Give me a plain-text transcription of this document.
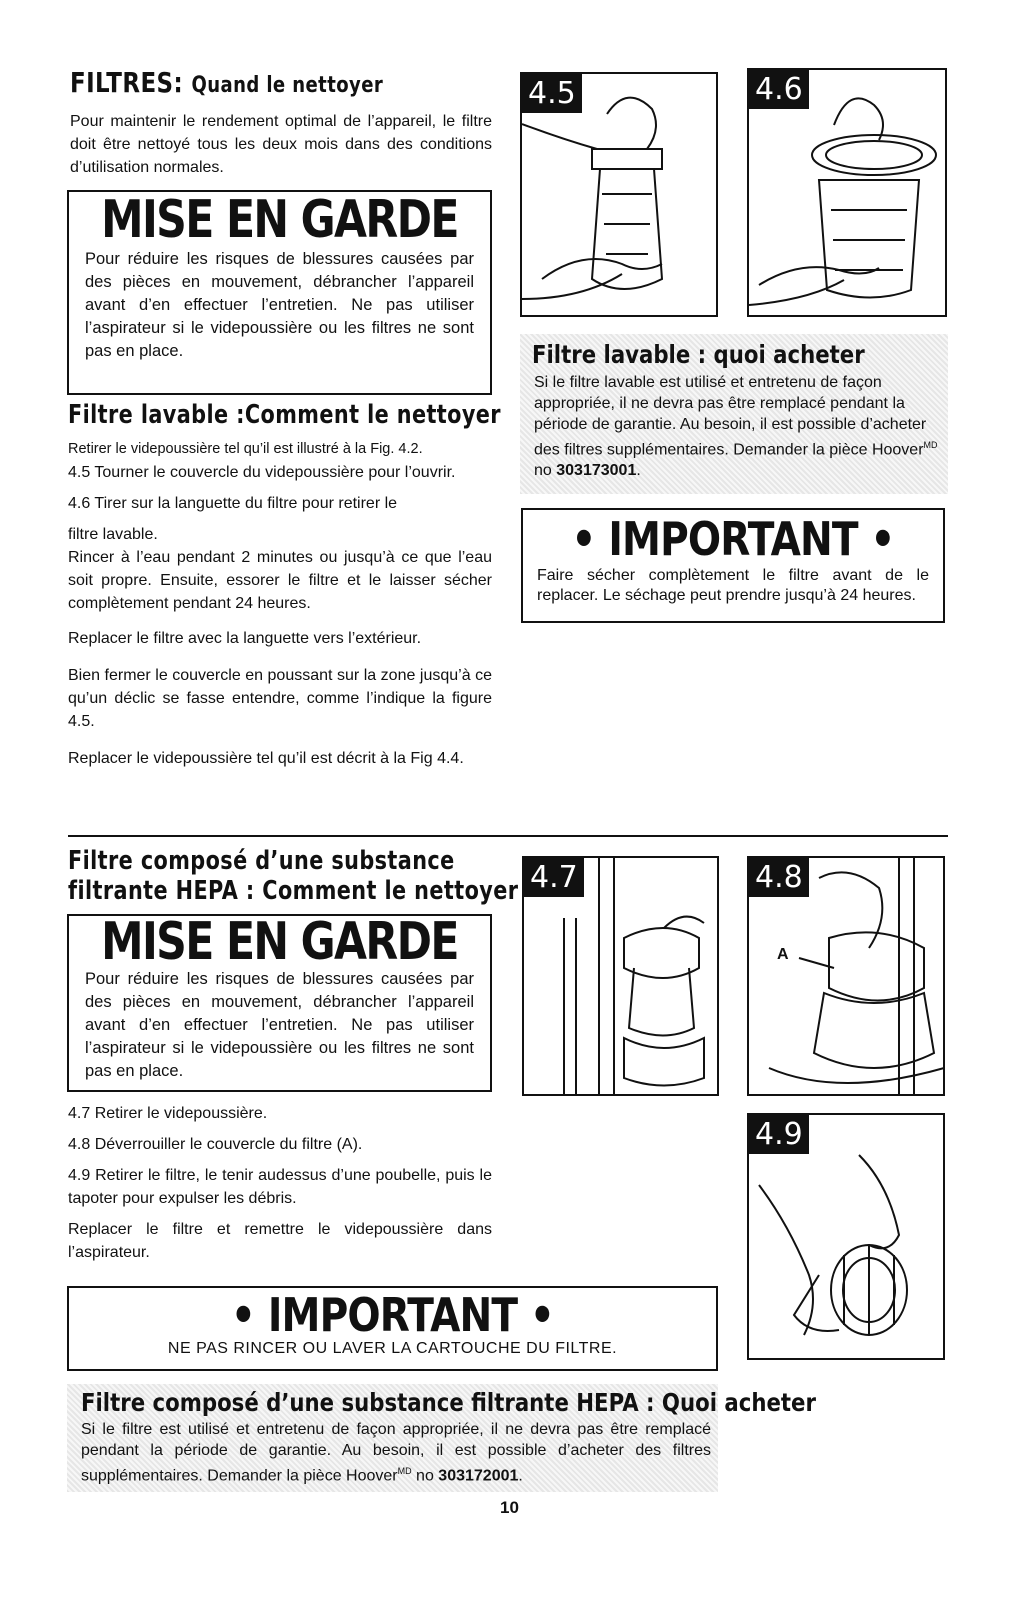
FILTRES: Quand le nettoyer

Pour maintenir le rendement optimal de l’appareil, le filtre doit être nettoyé tous les deux mois dans des conditions d’utilisation normales.

MISE EN GARDE

Pour réduire les risques de blessures causées par des pièces en mouvement, débrancher l’appareil avant d’en effectuer l’entretien. Ne pas utiliser l’aspirateur si le videpoussière ou les filtres ne sont pas en place.

Filtre lavable :Comment le nettoyer

Retirer le videpoussière tel qu’il est illustré à la Fig. 4.2.

4.5 Tourner le couvercle du videpoussière pour l’ouvrir.

4.6 Tirer sur la languette du filtre pour retirer le

filtre lavable.

Rincer à l’eau pendant 2 minutes ou jusqu’à ce que l’eau soit propre. Ensuite, essorer le filtre et le laisser sécher complètement pendant 24 heures.

Replacer le filtre avec la languette vers l’extérieur.

Bien fermer le couvercle en poussant sur la zone jusqu’à ce qu’un déclic se fasse entendre, comme l’indique la figure 4.5.

Replacer le videpoussière tel qu’il est décrit à la Fig 4.4.

4.5	4.6
Filtre lavable : quoi acheter
Si le filtre lavable est utilisé et entretenu de façon appropriée, il ne devra pas être remplacé pendant la période de garantie. Au besoin, il est possible d’acheter des filtres supplémentaires. Demander la pièce Hoover$^{MD}$ no 303173001.
• IMPORTANT •

Faire sécher complètement le filtre avant de le replacer. Le séchage peut prendre jusqu’à 24 heures.

Filtre composé d’une substance
filtrante HEPA : Comment le nettoyer
MISE EN GARDE

Pour réduire les risques de blessures causées par des pièces en mouvement, débrancher l’appareil avant d’en effectuer l’entretien. Ne pas utiliser l’aspirateur si le videpoussière ou les filtres ne sont pas en place.

4.7 Retirer le videpoussière.

4.8 Déverrouiller le couvercle du filtre (A).

4.9 Retirer le filtre, le tenir audessus d’une poubelle, puis le tapoter pour expulser les débris.

Replacer le filtre et remettre le videpoussière dans l’aspirateur.

4.7	4.8
A
4.9
• IMPORTANT •
NE PAS RINCER OU LAVER LA CARTOUCHE DU FILTRE.
Filtre composé d’une substance filtrante HEPA : Quoi acheter
Si le filtre est utilisé et entretenu de façon appropriée, il ne devra pas être remplacé pendant la période de garantie. Au besoin, il est possible d’acheter des filtres supplémentaires. Demander la pièce Hoover$^{MD}$ no 303172001.
10
